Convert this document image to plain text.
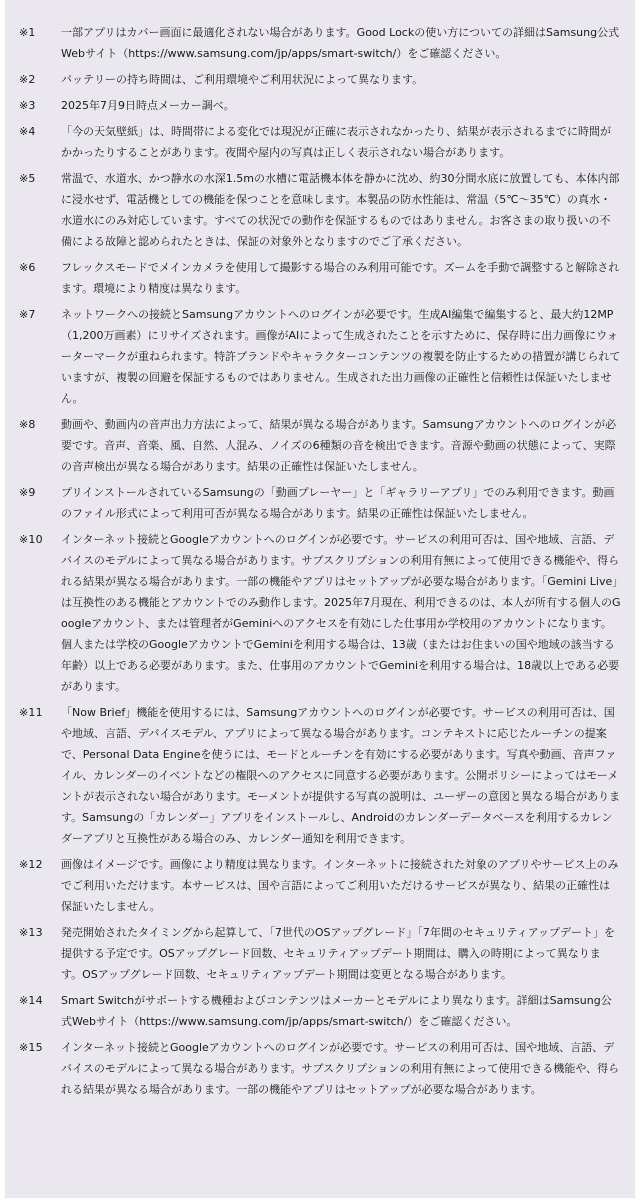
※1	一部アプリはカバー画面に最適化されない場合があります。Good Lockの使い方についての詳細はSamsung公式Webサイト（https://www.samsung.com/jp/apps/smart-switch/）をご確認ください。
※2	バッテリーの持ち時間は、ご利用環境やご利用状況によって異なります。
※3	2025年7月9日時点メーカー調べ。
※4	「今の天気壁紙」は、時間帯による変化では現況が正確に表示されなかったり、結果が表示されるまでに時間がかかったりすることがあります。夜間や屋内の写真は正しく表示されない場合があります。
※5	常温で、水道水、かつ静水の水深1.5mの水槽に電話機本体を静かに沈め、約30分間水底に放置しても、本体内部に浸水せず、電話機としての機能を保つことを意味します。本製品の防水性能は、常温（5℃～35℃）の真水・水道水にのみ対応しています。すべての状況での動作を保証するものではありません。お客さまの取り扱いの不備による故障と認められたときは、保証の対象外となりますのでご了承ください。
※6	フレックスモードでメインカメラを使用して撮影する場合のみ利用可能です。ズームを手動で調整すると解除されます。環境により精度は異なります。
※7	ネットワークへの接続とSamsungアカウントへのログインが必要です。生成AI編集で編集すると、最大約12MP（1,200万画素）にリサイズされます。画像がAIによって生成されたことを示すために、保存時に出力画像にウォーターマークが重ねられます。特許ブランドやキャラクターコンテンツの複製を防止するための措置が講じられていますが、複製の回避を保証するものではありません。生成された出力画像の正確性と信頼性は保証いたしません。
※8	動画や、動画内の音声出力方法によって、結果が異なる場合があります。Samsungアカウントへのログインが必要です。音声、音楽、風、自然、人混み、ノイズの6種類の音を検出できます。音源や動画の状態によって、実際の音声検出が異なる場合があります。結果の正確性は保証いたしません。
※9	プリインストールされているSamsungの「動画プレーヤー」と「ギャラリーアプリ」でのみ利用できます。動画のファイル形式によって利用可否が異なる場合があります。結果の正確性は保証いたしません。
※10	インターネット接続とGoogleアカウントへのログインが必要です。サービスの利用可否は、国や地域、言語、デバイスのモデルによって異なる場合があります。サブスクリプションの利用有無によって使用できる機能や、得られる結果が異なる場合があります。一部の機能やアプリはセットアップが必要な場合があります。「Gemini Live」は互換性のある機能とアカウントでのみ動作します。2025年7月現在、利用できるのは、本人が所有する個人のGoogleアカウント、または管理者がGeminiへのアクセスを有効にした仕事用か学校用のアカウントになります。個人または学校のGoogleアカウントでGeminiを利用する場合は、13歳（またはお住まいの国や地域の該当する年齢）以上である必要があります。また、仕事用のアカウントでGeminiを利用する場合は、18歳以上である必要があります。
※11	「Now Brief」機能を使用するには、Samsungアカウントへのログインが必要です。サービスの利用可否は、国や地域、言語、デバイスモデル、アプリによって異なる場合があります。コンテキストに応じたルーチンの提案で、Personal Data Engineを使うには、モードとルーチンを有効にする必要があります。写真や動画、音声ファイル、カレンダーのイベントなどの権限へのアクセスに同意する必要があります。公開ポリシーによってはモーメントが表示されない場合があります。モーメントが提供する写真の説明は、ユーザーの意図と異なる場合があります。Samsungの「カレンダー」アプリをインストールし、Androidのカレンダーデータベースを利用するカレンダーアプリと互換性がある場合のみ、カレンダー通知を利用できます。
※12	画像はイメージです。画像により精度は異なります。インターネットに接続された対象のアプリやサービス上のみでご利用いただけます。本サービスは、国や言語によってご利用いただけるサービスが異なり、結果の正確性は保証いたしません。
※13	発売開始されたタイミングから起算して、「7世代のOSアップグレード」「7年間のセキュリティアップデート」を提供する予定です。OSアップグレード回数、セキュリティアップデート期間は、購入の時期によって異なります。OSアップグレード回数、セキュリティアップデート期間は変更となる場合があります。
※14	Smart Switchがサポートする機種およびコンテンツはメーカーとモデルにより異なります。詳細はSamsung公式Webサイト（https://www.samsung.com/jp/apps/smart-switch/）をご確認ください。
※15	インターネット接続とGoogleアカウントへのログインが必要です。サービスの利用可否は、国や地域、言語、デバイスのモデルによって異なる場合があります。サブスクリプションの利用有無によって使用できる機能や、得られる結果が異なる場合があります。一部の機能やアプリはセットアップが必要な場合があります。
